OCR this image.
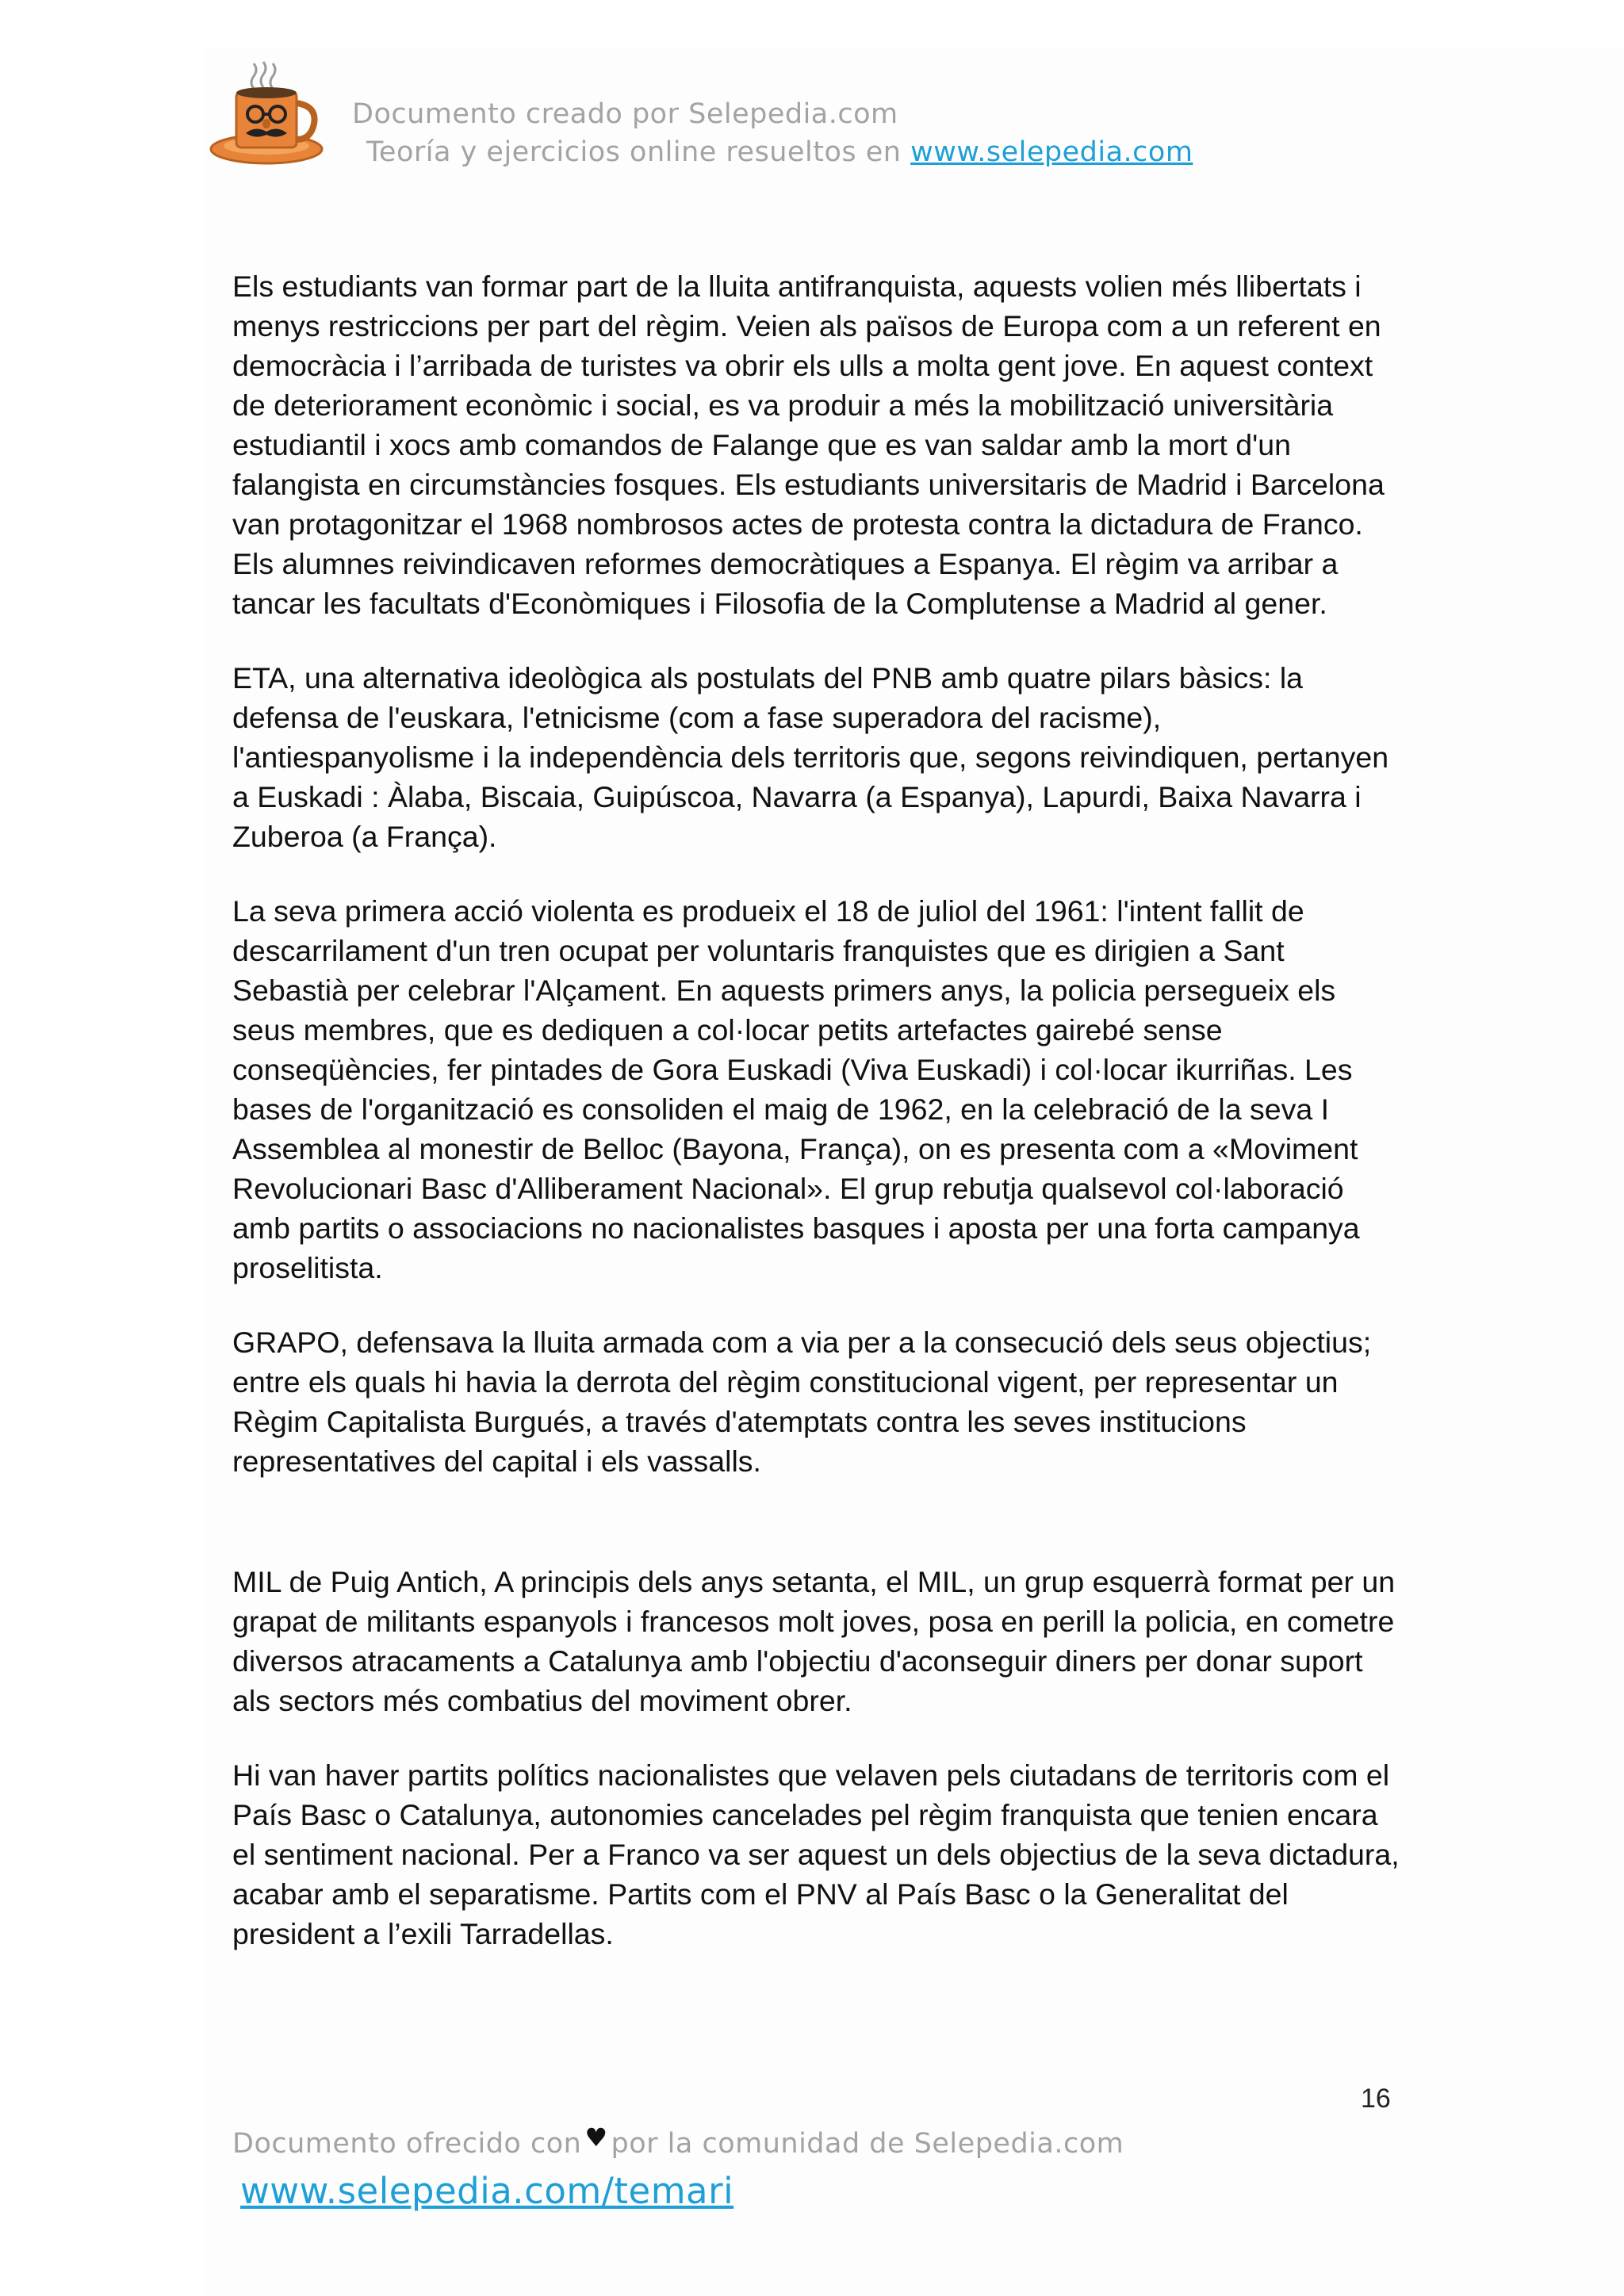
Documento creado por Selepedia.com
Teoría y ejercicios online resueltos en www.selepedia.com

Els estudiants van formar part de la lluita antifranquista, aquests volien més llibertats i menys restriccions per part del règim. Veien als països de Europa com a un referent en democràcia i l’arribada de turistes va obrir els ulls a molta gent jove. En aquest context de deteriorament econòmic i social, es va produir a més la mobilització universitària estudiantil i xocs amb comandos de Falange que es van saldar amb la mort d'un falangista en circumstàncies fosques. Els estudiants universitaris de Madrid i Barcelona van protagonitzar el 1968 nombrosos actes de protesta contra la dictadura de Franco. Els alumnes reivindicaven reformes democràtiques a Espanya. El règim va arribar a tancar les facultats d'Econòmiques i Filosofia de la Complutense a Madrid al gener.

ETA, una alternativa ideològica als postulats del PNB amb quatre pilars bàsics: la defensa de l'euskara, l'etnicisme (com a fase superadora del racisme), l'antiespanyolisme i la independència dels territoris que, segons reivindiquen, pertanyen a Euskadi : Àlaba, Biscaia, Guipúscoa, Navarra (a Espanya), Lapurdi, Baixa Navarra i Zuberoa (a França).

La seva primera acció violenta es produeix el 18 de juliol del 1961: l'intent fallit de descarrilament d'un tren ocupat per voluntaris franquistes que es dirigien a Sant Sebastià per celebrar l'Alçament. En aquests primers anys, la policia persegueix els seus membres, que es dediquen a col·locar petits artefactes gairebé sense conseqüències, fer pintades de Gora Euskadi (Viva Euskadi) i col·locar ikurriñas. Les bases de l'organització es consoliden el maig de 1962, en la celebració de la seva I Assemblea al monestir de Belloc (Bayona, França), on es presenta com a «Moviment Revolucionari Basc d'Alliberament Nacional». El grup rebutja qualsevol col·laboració amb partits o associacions no nacionalistes basques i aposta per una forta campanya proselitista.

GRAPO, defensava la lluita armada com a via per a la consecució dels seus objectius; entre els quals hi havia la derrota del règim constitucional vigent, per representar un Règim Capitalista Burgués, a través d'atemptats contra les seves institucions representatives del capital i els vassalls.

MIL de Puig Antich, A principis dels anys setanta, el MIL, un grup esquerrà format per un grapat de militants espanyols i francesos molt joves, posa en perill la policia, en cometre diversos atracaments a Catalunya amb l'objectiu d'aconseguir diners per donar suport als sectors més combatius del moviment obrer.

Hi van haver partits polítics nacionalistes que velaven pels ciutadans de territoris com el País Basc o Catalunya, autonomies cancelades pel règim franquista que tenien encara el sentiment nacional. Per a Franco va ser aquest un dels objectius de la seva dictadura, acabar amb el separatisme. Partits com el PNV al País Basc o la Generalitat del president a l’exili Tarradellas.

16
Documento ofrecido con ♥ por la comunidad de Selepedia.com
www.selepedia.com/temari
